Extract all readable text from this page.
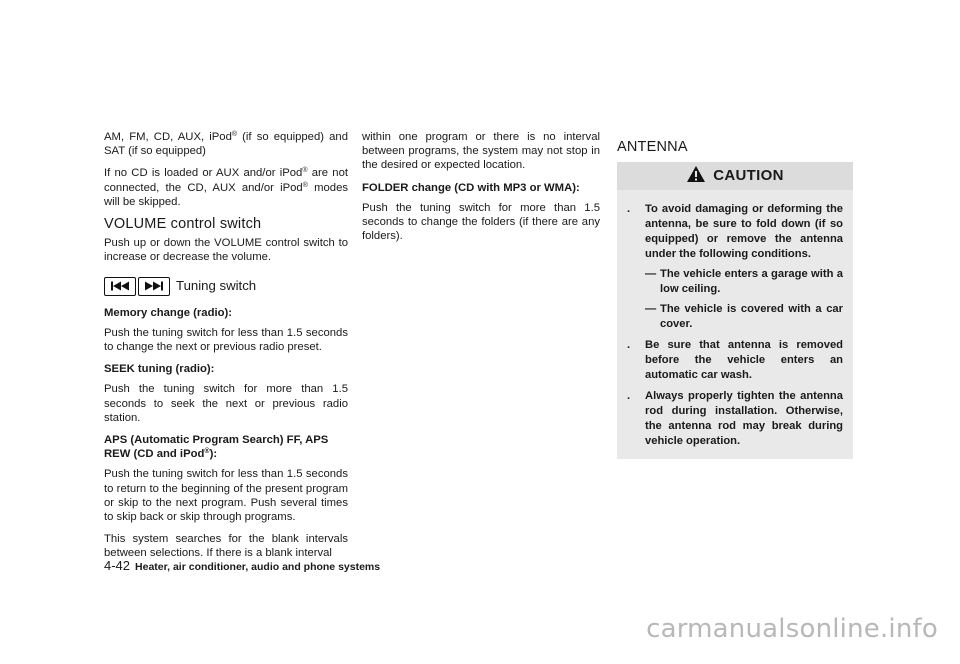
AM, FM, CD, AUX, iPod® (if so equipped) and SAT (if so equipped)

If no CD is loaded or AUX and/or iPod® are not connected, the CD, AUX and/or iPod® modes will be skipped.

VOLUME control switch

Push up or down the VOLUME control switch to increase or decrease the volume.

Tuning switch

Memory change (radio):

Push the tuning switch for less than 1.5 seconds to change the next or previous radio preset.

SEEK tuning (radio):

Push the tuning switch for more than 1.5 seconds to seek the next or previous radio station.

APS (Automatic Program Search) FF, APS REW (CD and iPod®):

Push the tuning switch for less than 1.5 seconds to return to the beginning of the present program or skip to the next program. Push several times to skip back or skip through programs.

This system searches for the blank intervals between selections. If there is a blank interval

within one program or there is no interval between programs, the system may not stop in the desired or expected location.

FOLDER change (CD with MP3 or WMA):

Push the tuning switch for more than 1.5 seconds to change the folders (if there are any folders).

ANTENNA
CAUTION
.	To avoid damaging or deforming the antenna, be sure to fold down (if so equipped) or remove the antenna under the following conditions.
— The vehicle enters a garage with a low ceiling.
— The vehicle is covered with a car cover.
.	Be sure that antenna is removed before the vehicle enters an automatic car wash.
.	Always properly tighten the antenna rod during installation. Otherwise, the antenna rod may break during vehicle operation.
4-42 Heater, air conditioner, audio and phone systems
carmanualsonline.info
